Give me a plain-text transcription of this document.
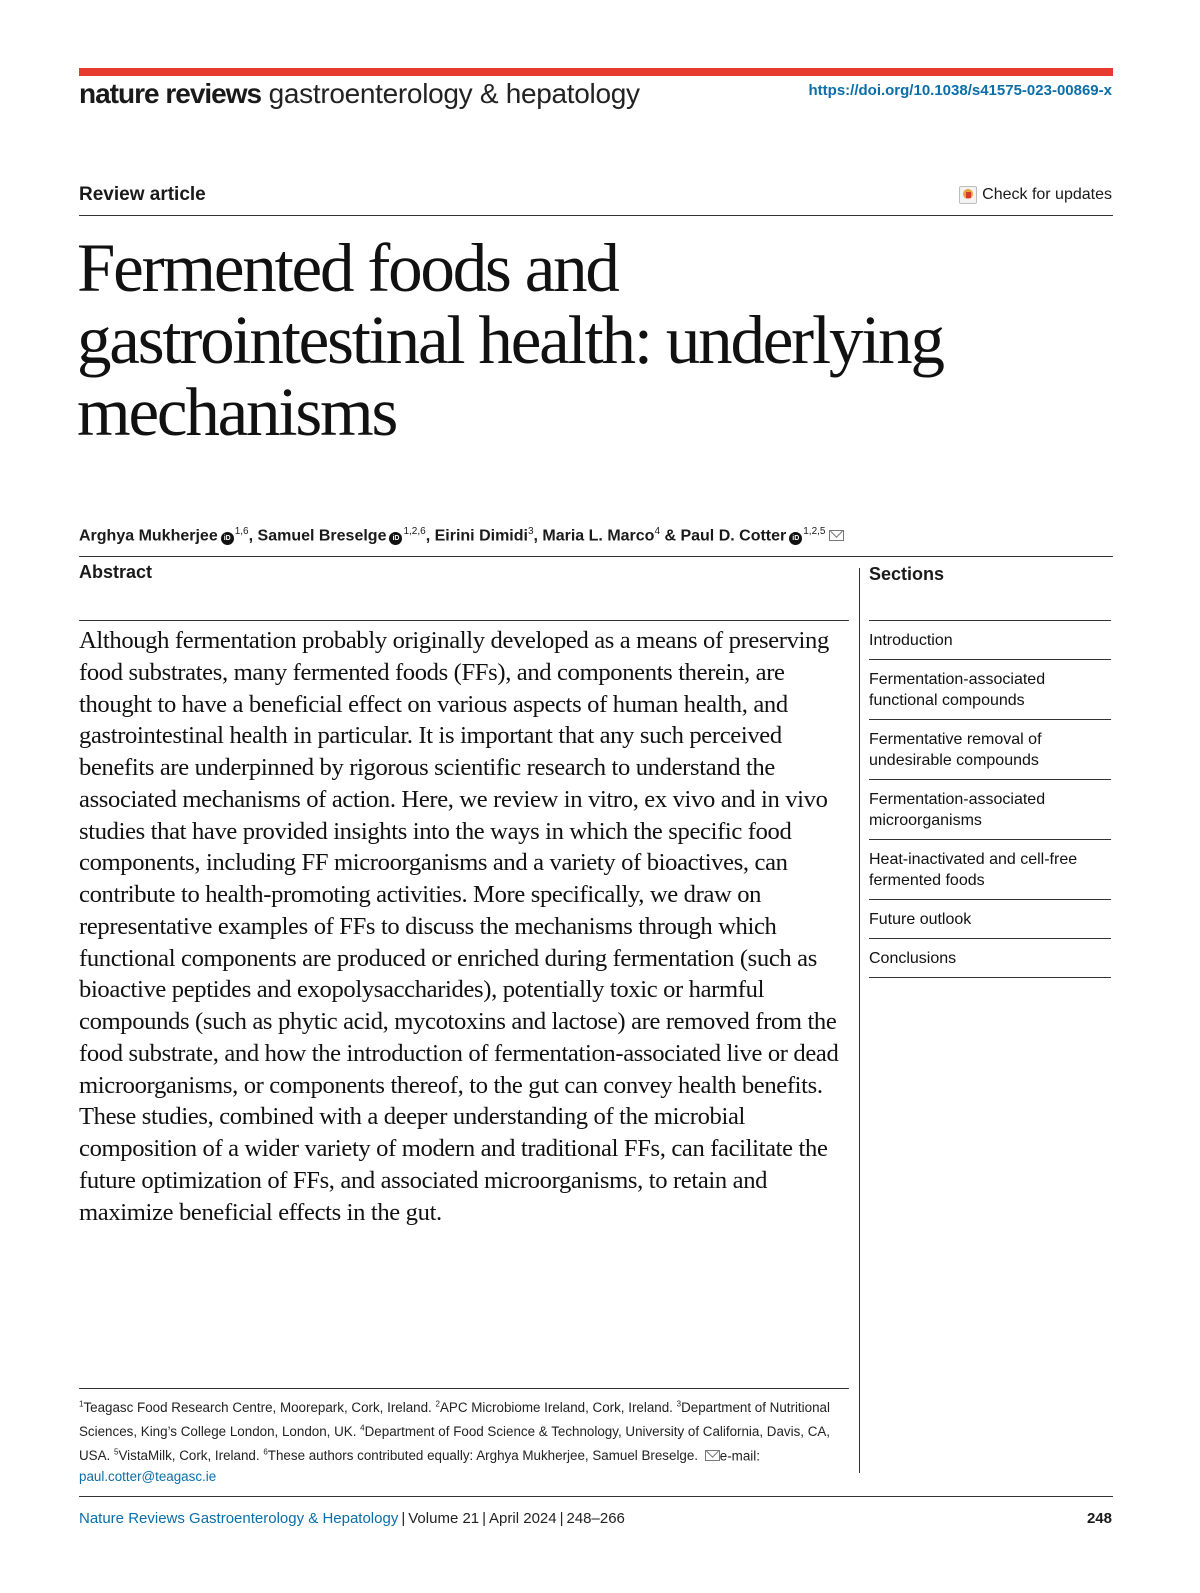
nature reviews gastroenterology & hepatology	https://doi.org/10.1038/s41575-023-00869-x
Review article	Check for updates
Fermented foods and gastrointestinal health: underlying mechanisms
Arghya Mukherjee iD$^{1,6}$, Samuel Breselge iD$^{1,2,6}$, Eirini Dimidi$^3$, Maria L. Marco$^4$ & Paul D. Cotter iD$^{1,2,5}$
Abstract

Although fermentation probably originally developed as a means of preserving food substrates, many fermented foods (FFs), and components therein, are thought to have a beneficial effect on various aspects of human health, and gastrointestinal health in particular. It is important that any such perceived benefits are underpinned by rigorous scientific research to understand the associated mechanisms of action. Here, we review in vitro, ex vivo and in vivo studies that have provided insights into the ways in which the specific food components, including FF microorganisms and a variety of bioactives, can contribute to health-promoting activities. More specifically, we draw on representative examples of FFs to discuss the mechanisms through which functional components are produced or enriched during fermentation (such as bioactive peptides and exopolysaccharides), potentially toxic or harmful compounds (such as phytic acid, mycotoxins and lactose) are removed from the food substrate, and how the introduction of fermentation-associated live or dead microorganisms, or components thereof, to the gut can convey health benefits. These studies, combined with a deeper understanding of the microbial composition of a wider variety of modern and traditional FFs, can facilitate the future optimization of FFs, and associated microorganisms, to retain and maximize beneficial effects in the gut.

Sections
Introduction
Fermentation-associated functional compounds
Fermentative removal of undesirable compounds
Fermentation-associated microorganisms
Heat-inactivated and cell-free fermented foods
Future outlook
Conclusions

$^1$Teagasc Food Research Centre, Moorepark, Cork, Ireland. $^2$APC Microbiome Ireland, Cork, Ireland. $^3$Department of Nutritional Sciences, King’s College London, London, UK. $^4$Department of Food Science & Technology, University of California, Davis, CA, USA. $^5$VistaMilk, Cork, Ireland. $^6$These authors contributed equally: Arghya Mukherjee, Samuel Breselge. e-mail: paul.cotter@teagasc.ie

Nature Reviews Gastroenterology & Hepatology | Volume 21 | April 2024 | 248–266	248
